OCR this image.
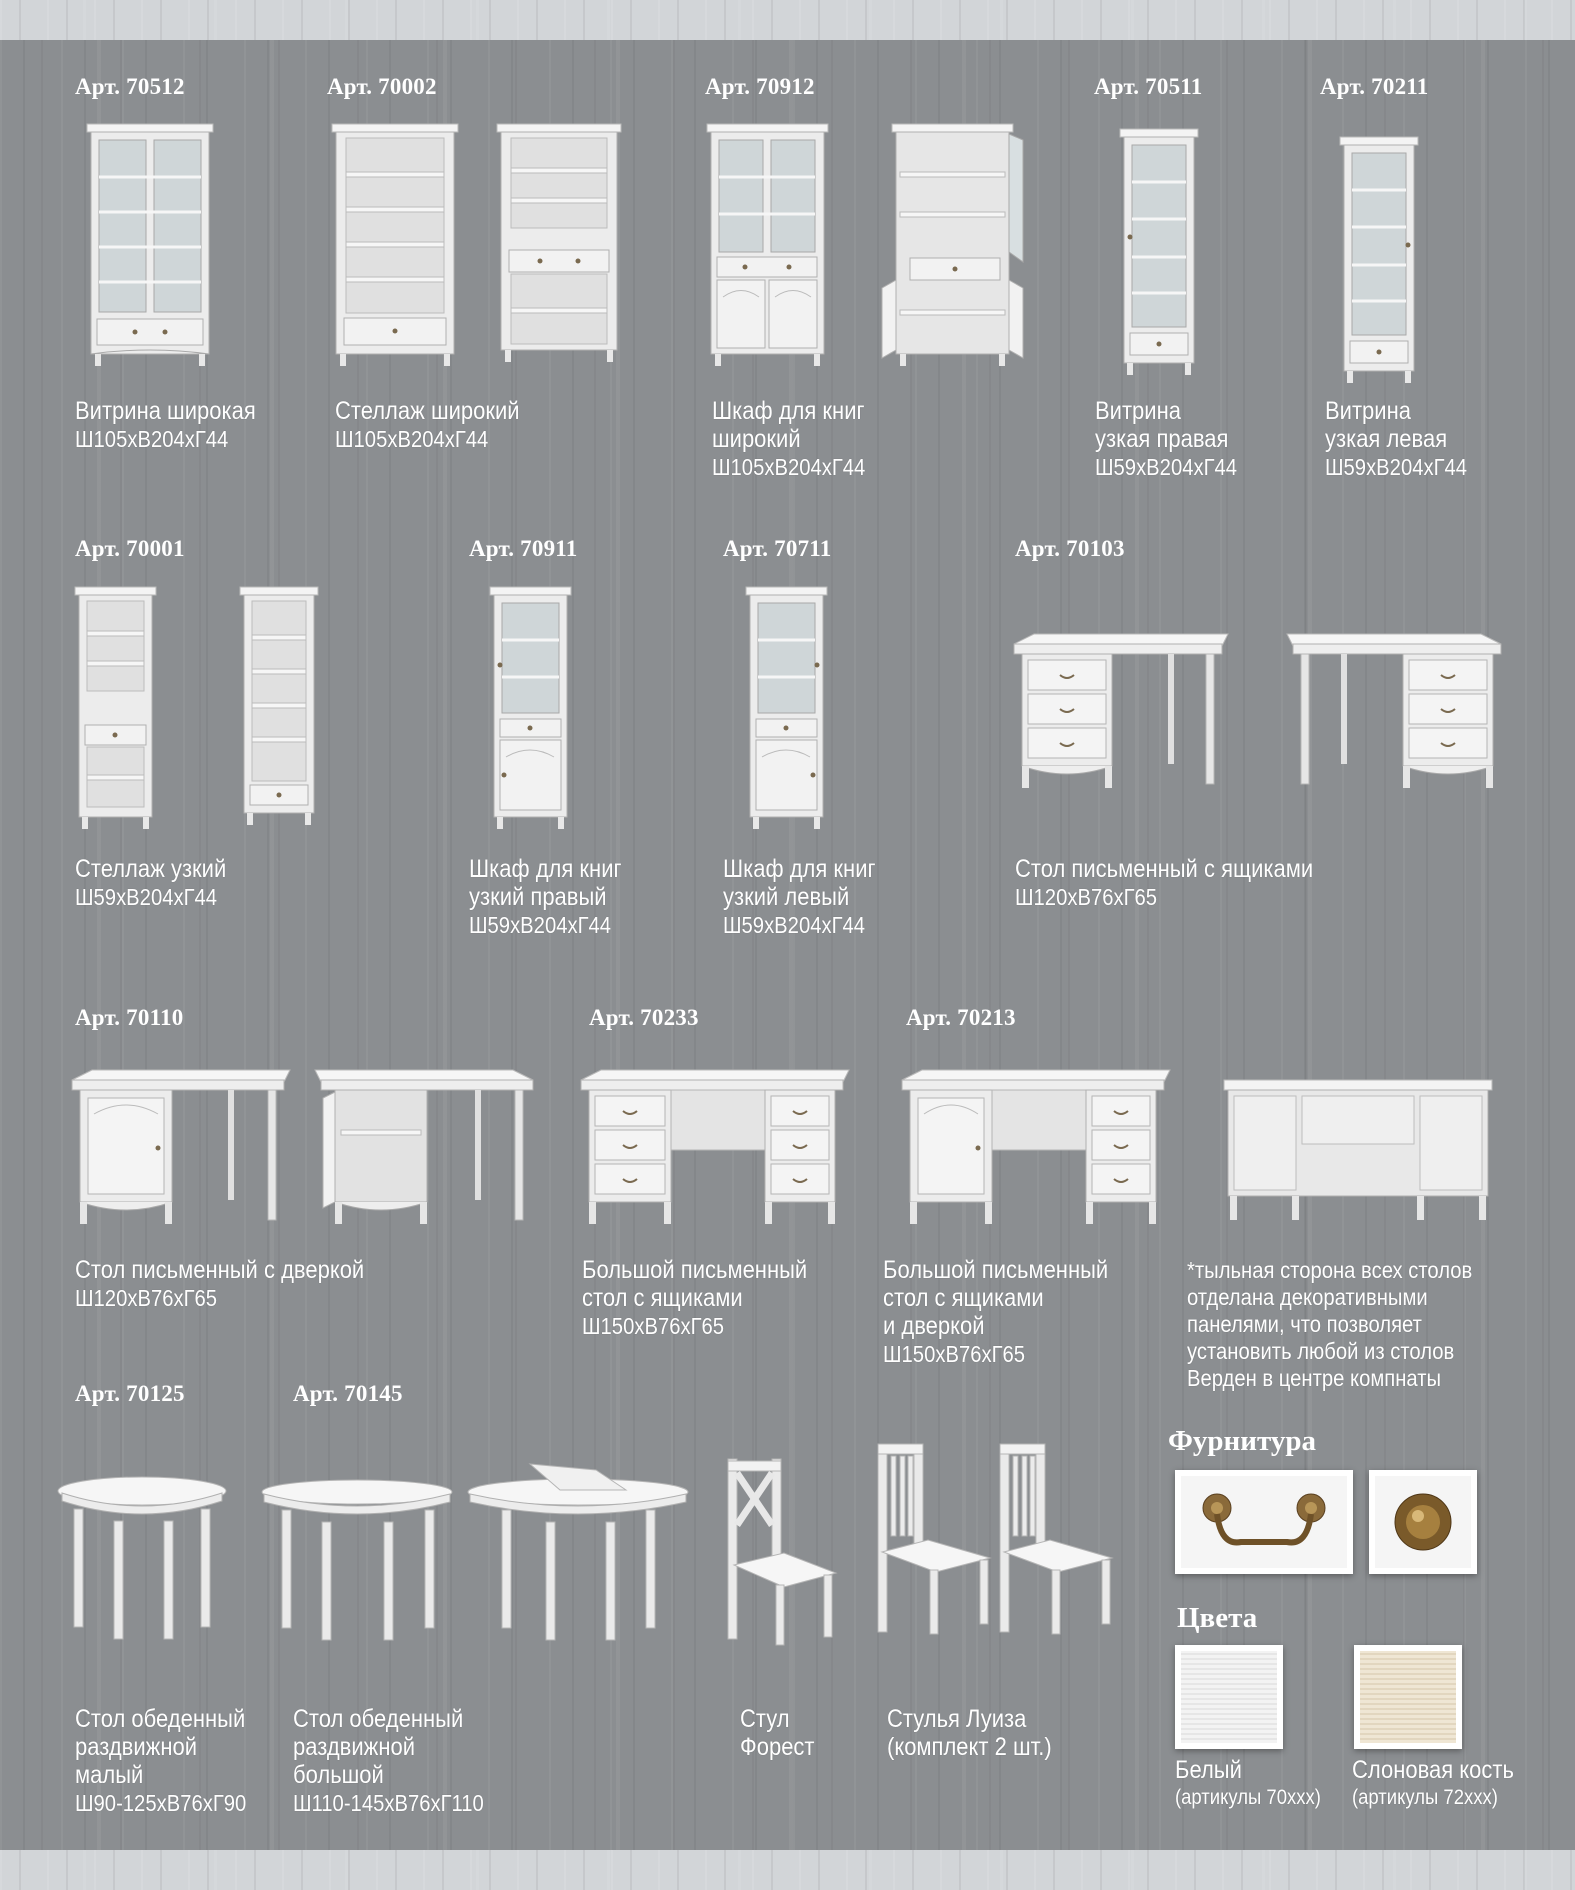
Арт. 70512	Арт. 70002	Арт. 70912	Арт. 70511	Арт. 70211
Витрина широкая
Ш105хВ204хГ44
Стеллаж широкий
Ш105хВ204хГ44
Шкаф для книг
широкий
Ш105хВ204хГ44
Витрина
узкая правая
Ш59хВ204хГ44
Витрина
узкая левая
Ш59хВ204хГ44
Арт. 70001	Арт. 70911	Арт. 70711	Арт. 70103
Стеллаж узкий
Ш59хВ204хГ44
Шкаф для книг
узкий правый
Ш59хВ204хГ44
Шкаф для книг
узкий левый
Ш59хВ204хГ44
Стол письменный с ящиками
Ш120хВ76хГ65
Арт. 70110	Арт. 70233	Арт. 70213
Стол письменный с дверкой
Ш120хВ76хГ65
Большой письменный
стол с ящиками
Ш150хВ76хГ65
Большой письменный
стол с ящиками
и дверкой
Ш150хВ76хГ65
*тыльная сторона всех столов
отделана декоративными
панелями, что позволяет
установить любой из столов
Верден в центре компнаты
Арт. 70125	Арт. 70145
Стол обеденный
раздвижной
малый
Ш90-125хВ76хГ90
Стол обеденный
раздвижной
большой
Ш110-145хВ76хГ110
Стул
Форест
Стулья Луиза
(комплект 2 шт.)
Фурнитура
Цвета
Белый
(артикулы 70ххх)
Слоновая кость
(артикулы 72ххх)
